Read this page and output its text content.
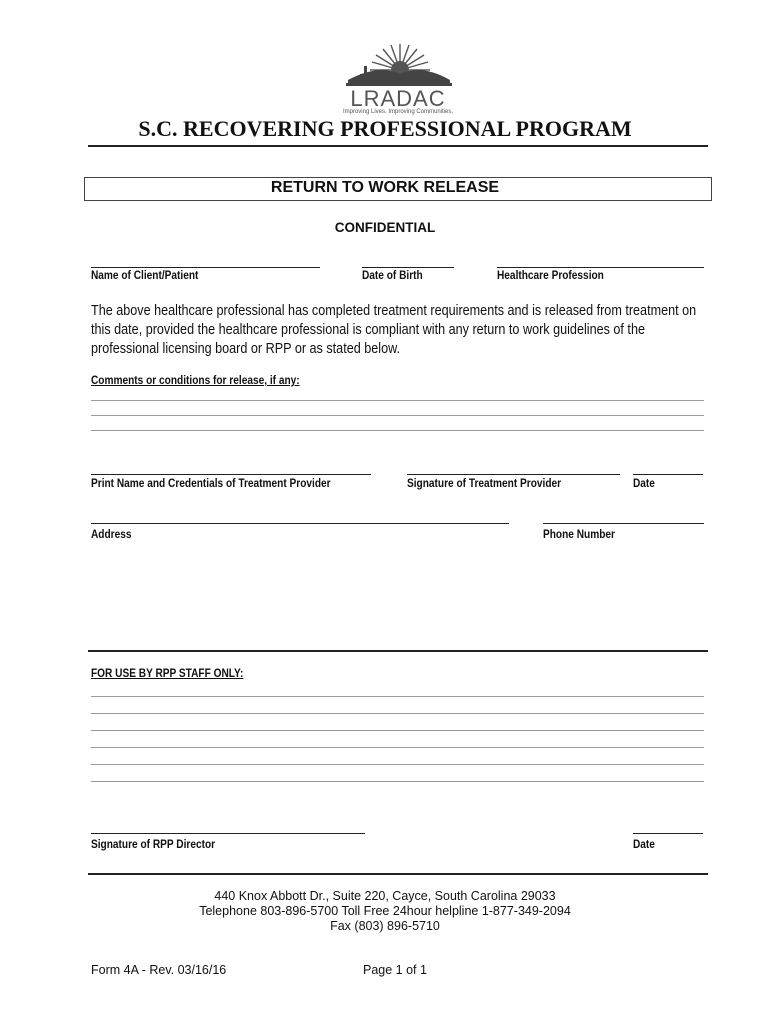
LRADAC
Improving Lives. Improving Communities.
S.C. RECOVERING PROFESSIONAL PROGRAM
RETURN TO WORK RELEASE
CONFIDENTIAL
Name of Client/Patient	Date of Birth	Healthcare Profession
The above healthcare professional has completed treatment requirements and is released from treatment on this date, provided the healthcare professional is compliant with any return to work guidelines of the professional licensing board or RPP or as stated below.
Comments or conditions for release, if any:
Print Name and Credentials of Treatment Provider	Signature of Treatment Provider	Date
Address	Phone Number
FOR USE BY RPP STAFF ONLY:
Signature of RPP Director	Date
440 Knox Abbott Dr., Suite 220, Cayce, South Carolina 29033
Telephone 803-896-5700 Toll Free 24hour helpline 1-877-349-2094
Fax (803) 896-5710
Form 4A - Rev. 03/16/16	Page 1 of 1
